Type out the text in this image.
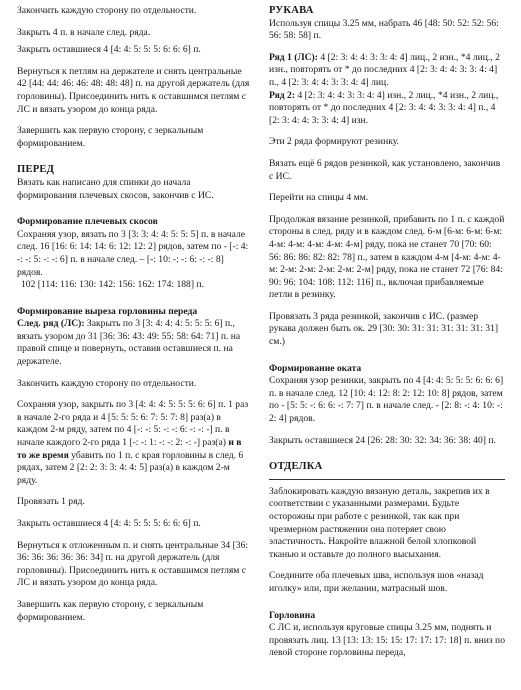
Закончить каждую сторону по отдельности.

Закрыть 4 п. в начале след. ряда.

Закрыть оставшиеся 4 [4: 4: 5: 5: 5: 6: 6: 6] п.

Вернуться к петлям на держателе и снять центральные 42 [44: 44: 46: 46: 48: 48: 48] п. на другой держатель (для горловины). Присоединить нить к оставшимся петлям с ЛС и вязать узором до конца ряда.

Завершить как первую сторону, с зеркальным формированием.

ПЕРЕД

Вязать как написано для спинки до начала формирования плечевых скосов, закончив с ИС.

Формирование плечевых скосов

Сохраняя узор, вязать по 3 [3: 3: 4: 4: 5: 5: 5] п. в начале след. 16 [16: 6: 14: 14: 6: 12: 12: 2] рядов, затем по - [-: 4: -: -: 5: -: -: 6] п. в начале след. – [-: 10: -: -: 6: -: -: 8] рядов.

102 [114: 116: 130: 142: 156: 162: 174: 188] п.

Формирование выреза горловины переда

След. ряд (ЛС): Закрыть по 3 [3: 4: 4: 4: 5: 5: 5: 6] п., вязать узором до 31 [36: 36: 43: 49: 55: 58: 64: 71] п. на правой спице и повернуть, оставив оставшиеся п. на держателе.

Закончить каждую сторону по отдельности.

Сохраняя узор, закрыть по 3 [4: 4: 4: 5: 5: 5: 6: 6] п. 1 раз в начале 2-го ряда и 4 [5: 5: 5: 6: 7: 5: 7: 8] раз(а) в каждом 2-м ряду, затем по 4 [-: -: 5: -: -: 6: -: -: -] п. в начале каждого 2-го ряда 1 [-: -: 1: -: -: 2: -: -] раз(а) и в то же время убавить по 1 п. с края горловины в след. 6 рядах, затем 2 [2: 2: 3: 3: 4: 4: 5] раз(а) в каждом 2-м ряду.

Провязать 1 ряд.

Закрыть оставшиеся 4 [4: 4: 5: 5: 5: 6: 6: 6] п.

Вернуться к отложенным п. и снять центральные 34 [36: 36: 36: 36: 36: 36: 34] п. на другой держатель (для горловины). Присоединить нить к оставшимся петлям с ЛС и вязать узором до конца ряда.

Завершить как первую сторону, с зеркальным формированием.

РУКАВА

Используя спицы 3.25 мм, набрать 46 [48: 50: 52: 52: 56: 56: 58: 58] п.

Ряд 1 (ЛС): 4 [2: 3: 4: 4: 3: 3: 4: 4] лиц., 2 изн., *4 лиц., 2 изн., повторять от * до последних 4 [2: 3: 4: 4: 3: 3: 4: 4] п., 4 [2: 3: 4: 4: 3: 3: 4: 4] лиц.

Ряд 2: 4 [2: 3: 4: 4: 3: 3: 4: 4] изн., 2 лиц., *4 изн., 2 лиц., повторять от * до последних 4 [2: 3: 4: 4: 3: 3: 4: 4] п., 4 [2: 3: 4: 4: 3: 3: 4: 4] изн.

Эти 2 ряда формируют резинку.

Вязать ещё 6 рядов резинкой, как установлено, закончив с ИС.

Перейти на спицы 4 мм.

Продолжая вязание резинкой, прибавить по 1 п. с каждой стороны в след. ряду и в каждом след. 6-м [6-м: 6-м: 6-м: 4-м: 4-м: 4-м: 4-м: 4-м] ряду, пока не станет 70 [70: 60: 56: 86: 86: 82: 82: 78] п., затем в каждом 4-м [4-м: 4-м: 4-м: 2-м: 2-м: 2-м: 2-м: 2-м] ряду, пока не станет 72 [76: 84: 90: 96: 104: 108: 112: 116] п., включая прибавляемые петли в резинку.

Провязать 3 ряда резинкой, закончив с ИС. (размер рукава должен быть ок. 29 [30: 30: 31: 31: 31: 31: 31: 31] см.)

Формирование оката

Сохраняя узор резинки, закрыть по 4 [4: 4: 5: 5: 5: 6: 6: 6] п. в начале след. 12 [10: 4: 12: 8: 2: 12: 10: 8] рядов, затем по - [5: 5: -: 6: 6: -: 7: 7] п. в начале след. - [2: 8: -: 4: 10: -: 2: 4] рядов.

Закрыть оставшиеся 24 [26: 28: 30: 32: 34: 36: 38: 40] п.

ОТДЕЛКА

Заблокировать каждую вязаную деталь, закрепив их в соответствии с указанными размерами. Будьте осторожны при работе с резинкой, так как при чрезмерном растяжении она потеряет свою эластичность. Накройте влажной белой хлопковой тканью и оставьте до полного высыхания.

Соедините оба плечевых шва, используя шов «назад иголку» или, при желании, матрасный шов.

Горловина

С ЛС и, используя круговые спицы 3.25 мм, поднять и провязать лиц. 13 [13: 13: 15: 15: 17: 17: 17: 18] п. вниз по левой стороне горловины переда,
